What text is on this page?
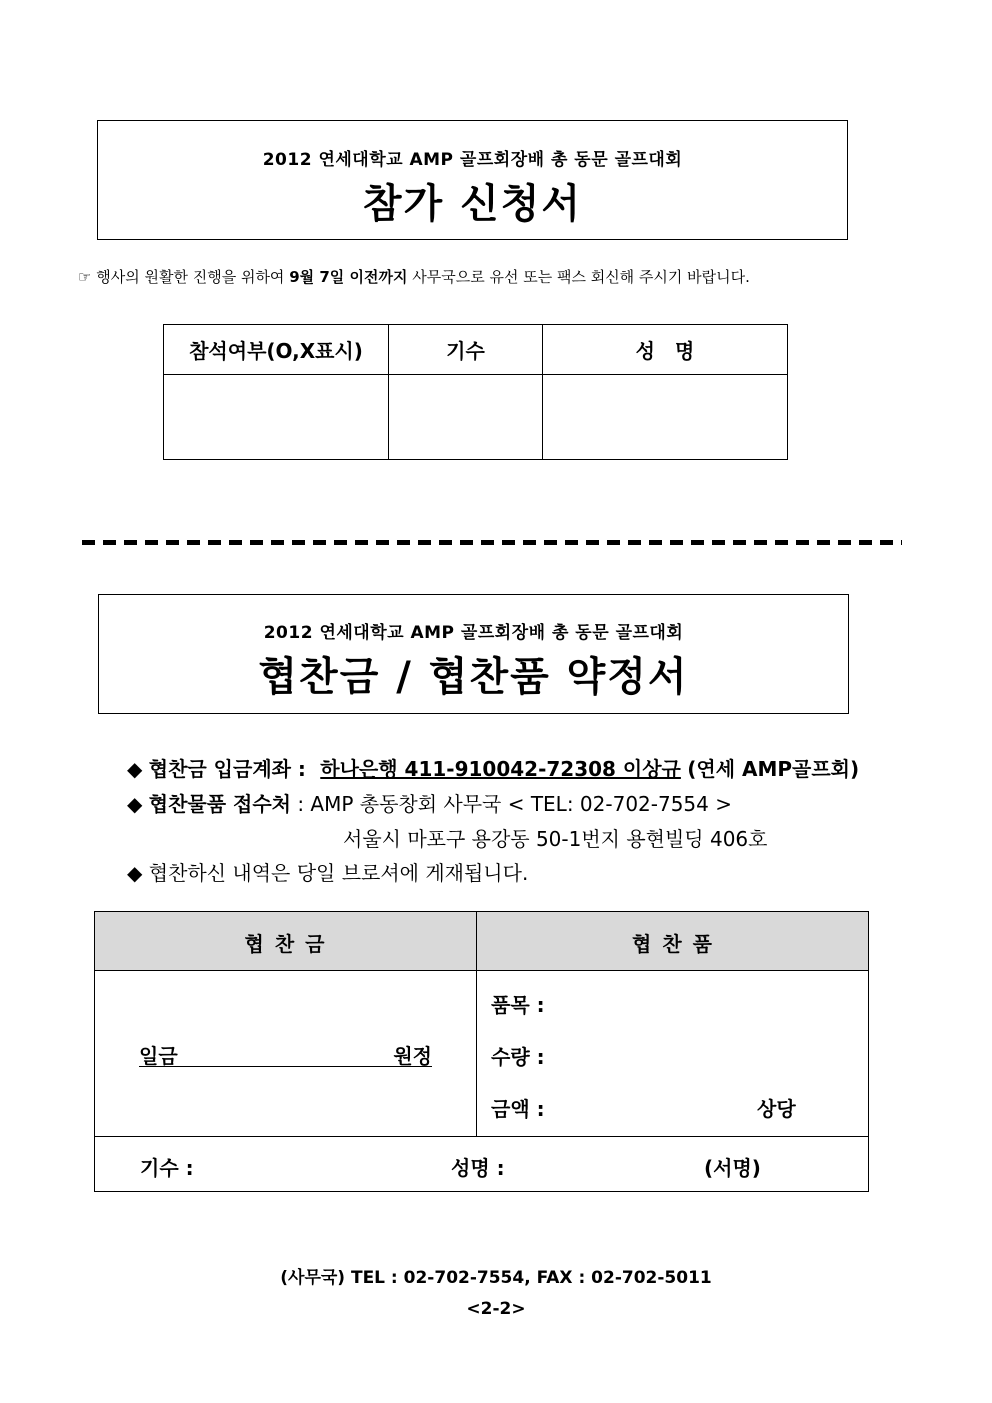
2012 연세대학교 AMP 골프회장배 총 동문 골프대회
참가 신청서
☞ 행사의 원활한 진행을 위하여 9월 7일 이전까지 사무국으로 유선 또는 팩스 회신해 주시기 바랍니다.
참석여부(O,X표시)	기수	성　명

2012 연세대학교 AMP 골프회장배 총 동문 골프대회
협찬금 / 협찬품 약정서
◆ 협찬금 입금계좌 : 하나은행 411-910042-72308 이상규 (연세 AMP골프회)
◆ 협찬물품 접수처 : AMP 총동창회 사무국 < TEL: 02-702-7554 >
서울시 마포구 용강동 50-1번지 용현빌딩 406호
◆ 협찬하신 내역은 당일 브로셔에 게재됩니다.
협 찬 금	협 찬 품
일금	원정
품목 :
수량 :
금액 :	상당
기수 :	성명 :	(서명)
(사무국) TEL : 02-702-7554, FAX : 02-702-5011
<2-2>
